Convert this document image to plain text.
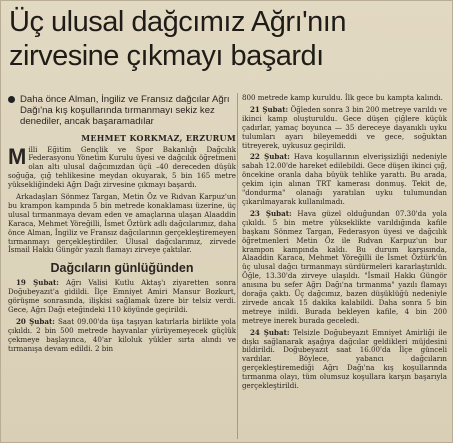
Üç ulusal dağcımız Ağrı'nın
zirvesine çıkmayı başardı
Daha önce Alman, İngiliz ve Fransız dağcılar Ağrı Dağı'na kış koşullarında tırmanmayı sekiz kez denediler, ancak başaramadılar
MEHMET KORKMAZ, ERZURUM

Milli Eğitim Gençlik ve Spor Bakanlığı Dağcılık Federasyonu Yönetim Kurulu üyesi ve dağcılık öğretmeni olan altı ulusal dağcımızdan üçü –40 dereceden düşük soğuğa, çığ tehlikesine meydan okuyarak, 5 bin 165 metre yüksekliğindeki Ağrı Dağı zirvesine çıkmayı başardı.

Arkadaşları Sönmez Targan, Metin Öz ve Rıdvan Karpuz'un bu krampon kampında 5 bin metrede konaklaması üzerine, üç ulusal tırmanmaya devam eden ve amaçlarına ulaşan Alaaddin Karaca, Mehmet Yöreğilli, İsmet Öztürk adlı dağcılarımız, daha önce Alman, İngiliz ve Fransız dağcılarının gerçekleştiremeyen tırmanmayı gerçekleştirdiler. Ulusal dağcılarımız, zirvede İsmail Hakkı Güngör yazılı flamayı zirveye çaktılar.

Dağcıların günlüğünden

19 Şubat: Ağrı Valisi Kutlu Aktaş'ı ziyaretten sonra Doğubeyazıt'a gidildi. İlçe Emniyet Amiri Mansur Bozkurt, görüşme sonrasında, ilişkisi sağlamak üzere bir telsiz verdi. Gece, Ağrı Dağı eteğindeki 110 köyünde geçirildi.

20 Şubat: Saat 09.00'da üşa taşıyan katırlarla birlikte yola çıkıldı. 2 bin 500 metrede hayvanlar yürüyemeyecek güçlük çekmeye başlayınca, 40'ar kiloluk yükler sırta alındı ve tırmanışa devam edildi. 2 bin

800 metrede kamp kuruldu. İlk gece bu kampta kalındı.

21 Şubat: Öğleden sonra 3 bin 200 metreye varıldı ve ikinci kamp oluşturuldu. Gece düşen çiğlere küçük çadırlar, yamaç boyunca — 35 dereceye dayanıklı uyku tulumları ayarı bileyemeddi ve gece, soğuktan titreyerek, uykusuz geçirildi.

22 Şubat: Hava koşullarının elverişsizliği nedeniyle sabah 12.00'de hareket edilebildi. Gece düşen ikinci çığ, öncekine oranla daha büyük tehlike yarattı. Bu arada, çekim için alınan TRT kamerası donmuş. Tekit de, "dondurma" olanağı yaratılan uyku tulumundan çıkarılmayarak kullanılmadı.

23 Şubat: Hava güzel olduğundan 07.30'da yola çıkıldı. 5 bin metre yükseklikte varıldığında kafile başkanı Sönmez Targan, Federasyon üyesi ve dağcılık öğretmenleri Metin Öz ile Rıdvan Karpuz'un bur krampon kampında kaldı. Bu durum karşısında, Alaaddin Karaca, Mehmet Yöreğilli ile İsmet Öztürk'ün üç ulusal dağcı tırmanmayı sürdürmeleri kararlaştırıldı. Öğle, 13.30'da zirveye ulaşıldı. "İsmail Hakkı Güngör anısına bu sefer Ağrı Dağı'na tırmanma" yazılı flamayı dorağa çaktı. Üç dağcımız, bazen düşüklüğü nedeniyle zirvede ancak 15 dakika kalabildi. Daha sonra 5 bin metreye inildi. Burada bekleyen kafile, 4 bin 200 metreye inerek burada geceledi.

24 Şubat: Telsizle Doğubeyazıt Emniyet Amirliği ile dışkı sağlanarak aşağıya dağcılar geldikleri müjdesini bildirildi. Doğubeyazıt saat 16.00'da İlçe günceli vardılar. Böylece, yabancı dağcıların gerçekleştiremediği Ağrı Dağı'na kış koşullarında tırmanma olayı, tüm olumsuz koşullara karşın başarıyla gerçekleştirildi.
